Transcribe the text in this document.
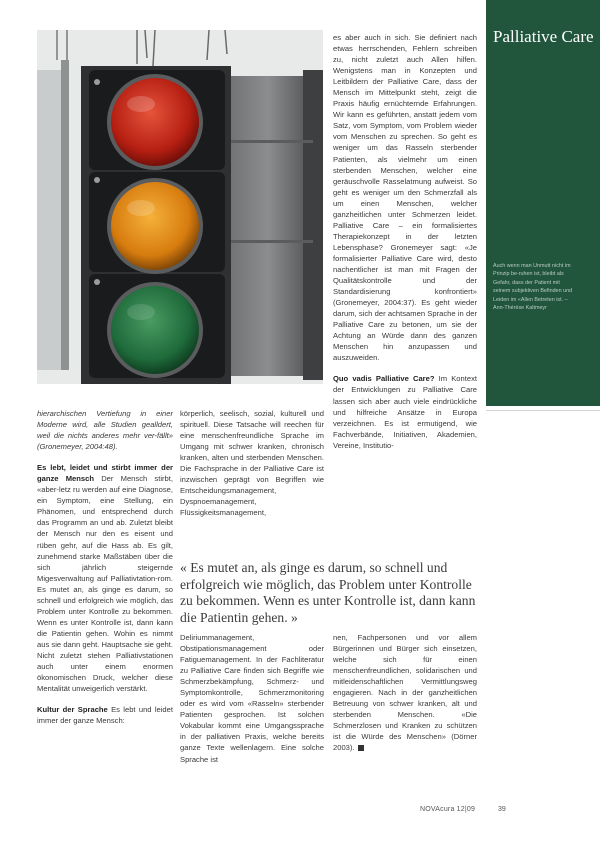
hierarchischen Vertiefung in einer Moderne wird, alle Studien gealldert, weil die nichts anderes mehr ver-fällt» (Gronemeyer, 2004:48).

Es lebt, leidet und stirbt immer der ganze Mensch Der Mensch stirbt, «aber-letz ru werden auf eine Diagnose, ein Symptom, eine Stellung, ein Phänomen, und entsprechend durch das Programm an und ab. Zuletzt bleibt der Mensch nur den es eisent und rüben gehr, auf die Hass ab. Es gilt, zunehmend starke Maßstäben über die sich jährlich steigernde Migesverwaltung auf Palliativtation-rom. Es mutet an, als ginge es darum, so schnell und erfolgreich wie möglich, das Problem unter Kontrolle zu bekommen. Wenn es unter Kontrolle ist, dann kann die Patientin gehen. Wohin es nimmt aus sie dann geht. Hauptsache sie geht. Nicht zuletzt stehen Palliativstationen auch unter einem enormen ökonomischen Druck, welcher diese Mentalität unweigerlich verstärkt.

Kultur der Sprache Es lebt und leidet immer der ganze Mensch:

körperlich, seelisch, sozial, kulturell und spirituell. Diese Tatsache will reechen für eine menschenfreundliche Sprache im Umgang mit schwer kranken, chronisch kranken, alten und sterbenden Menschen. Die Fachsprache in der Palliative Care ist inzwischen geprägt von Begriffen wie Entscheidungsmanagement, Dyspnoemanagement, Flüssigkeitsmanagement,

es aber auch in sich. Sie definiert nach etwas herrschenden, Fehlern schreiben zu, nicht zuletzt auch Allen hilfen. Wenigstens man in Konzepten und Leitbildern der Palliative Care, dass der Mensch im Mittelpunkt steht, zeigt die Praxis häufig ernüchternde Erfahrungen. Wir kann es geführten, anstatt jedem vom Satz, vom Symptom, vom Problem wieder vom Menschen zu sprechen. So geht es weniger um das Rasseln sterbender Patienten, als vielmehr um einen sterbenden Menschen, welcher eine geräuschvolle Rasselatmung aufweist. So geht es weniger um den Schmerzfall als um einen Menschen, welcher ganzheitlichen unter Schmerzen leidet. Palliative Care – ein formalisiertes Therapiekonzept in der letzten Lebensphase? Gronemeyer sagt: «Je formalisierter Palliative Care wird, desto nachentlicher ist man mit Fragen der Qualitätskontrolle und der Standardisierung konfrontiert» (Gronemeyer, 2004:37). Es geht wieder darum, sich der achtsamen Sprache in der Palliative Care zu betonen, um sie der Achtung an Würde dann des ganzen Menschen hin anzupassen und auszuweiden.

Quo vadis Palliative Care? Im Kontext der Entwicklungen zu Palliative Care lassen sich aber auch viele eindrückliche und hilfreiche Ansätze in Europa verzeichnen. Es ist ermutigend, wie Fachverbände, Initiativen, Akademien, Vereine, Institutio-

« Es mutet an, als ginge es darum, so schnell und erfolgreich wie möglich, das Problem unter Kontrolle zu bekommen. Wenn es unter Kontrolle ist, dann kann die Patientin gehen. »

Deliriummanagement, Obstipationsmanagement oder Fatiguemanagement. In der Fachliteratur zu Palliative Care finden sich Begriffe wie Schmerzbekämpfung, Schmerz- und Symptomkontrolle, Schmerzmonitoring oder es wird vom «Rasseln» sterbender Patienten gesprochen. Ist solchen Vokabular kommt eine Umgangssprache in der palliativen Praxis, welche bereits ganze Texte wellenlagern. Eine solche Sprache ist

nen, Fachpersonen und vor allem Bürgerinnen und Bürger sich einsetzen, welche sich für einen menschenfreundlichen, solidarischen und mitleidenschaftlichen Vermittlungsweg engagieren. Nach in der ganzheitlichen Betreuung von schwer kranken, alt und sterbenden Menschen. «Die Schmerzlosen und Kranken zu schützen ist die Würde des Menschen» (Dörner 2003).

Palliative Care
Auch wenn man Unmutt nicht im Prinzip be-ruhen ist, bleibt als Gefahr, dass der Patient mit seinem subjektiven Befinden und Leiden im «Allen Betreten ist. –Ann-Thérèse Kaltmeyr
NOVAcura 12|09	39
